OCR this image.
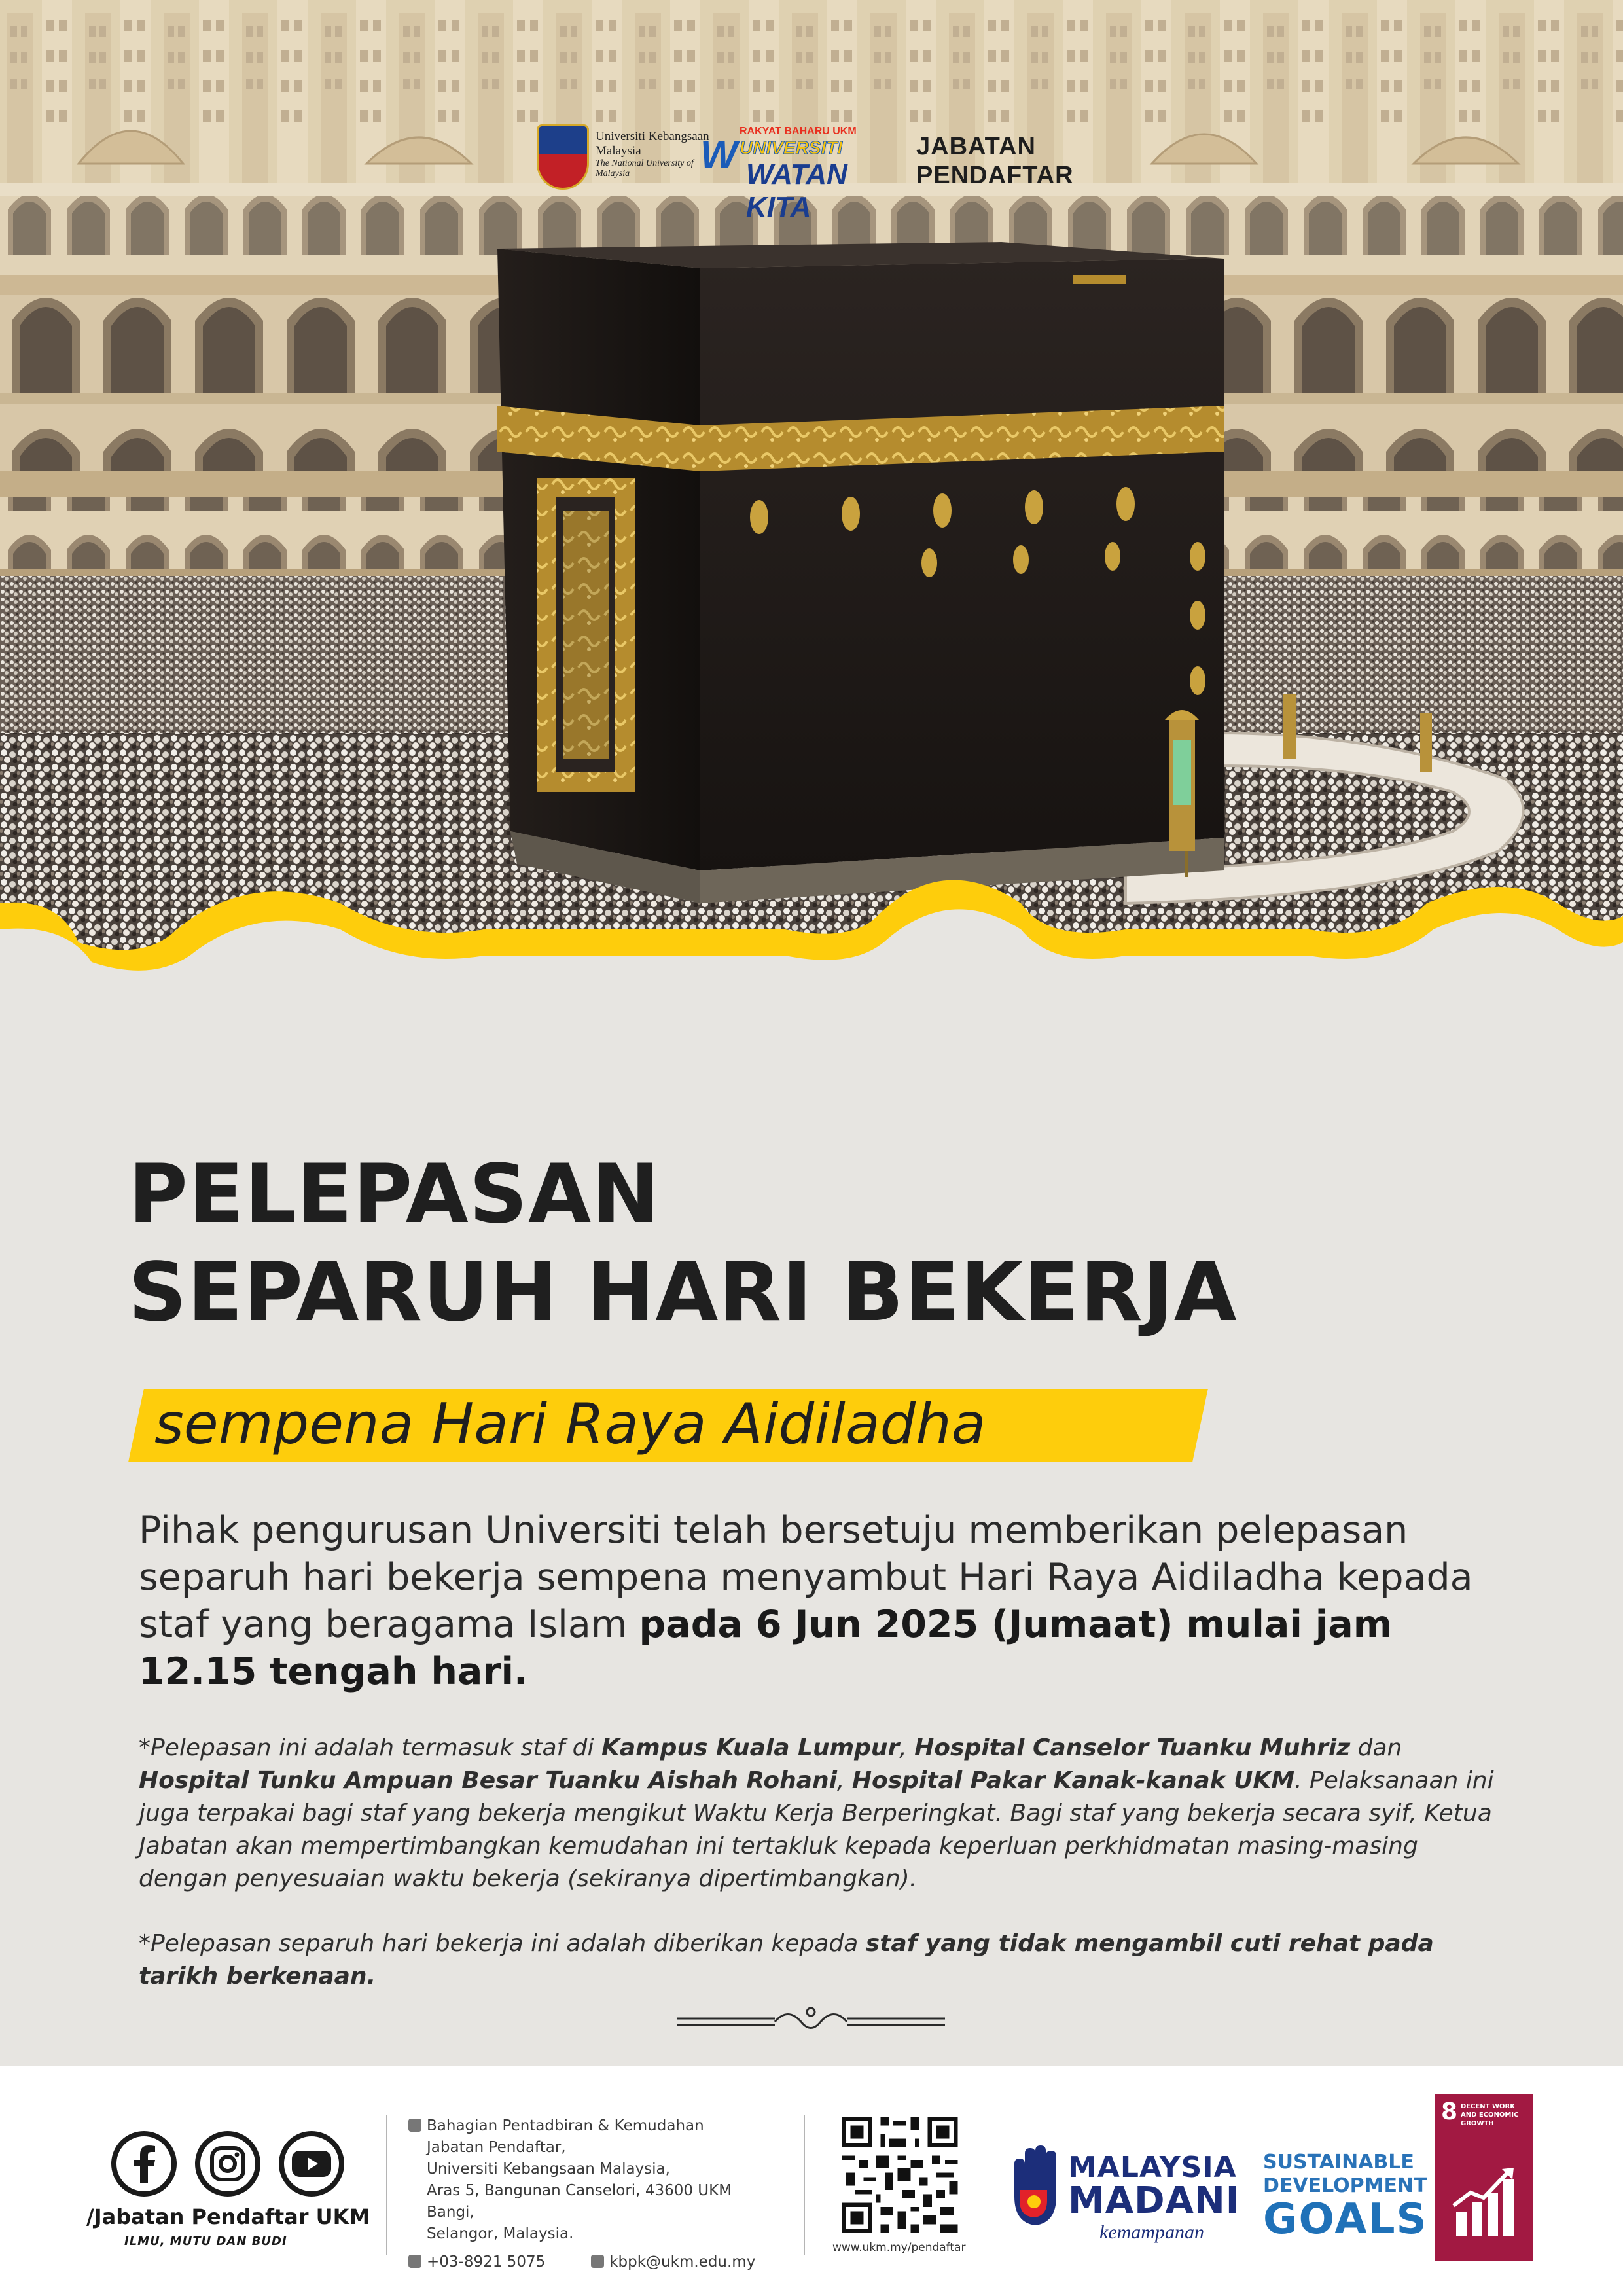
Universiti Kebangsaan Malaysia
The National University of Malaysia	W
RAKYAT BAHARU UKM
UNIVERSITI
WATAN KITA
JABATAN
PENDAFTAR
PELEPASAN
SEPARUH HARI BEKERJA
sempena Hari Raya Aidiladha
Pihak pengurusan Universiti telah bersetuju memberikan pelepasan separuh hari bekerja sempena menyambut Hari Raya Aidiladha kepada staf yang beragama Islam pada 6 Jun 2025 (Jumaat) mulai jam 12.15 tengah hari.
*Pelepasan ini adalah termasuk staf di Kampus Kuala Lumpur, Hospital Canselor Tuanku Muhriz dan Hospital Tunku Ampuan Besar Tuanku Aishah Rohani, Hospital Pakar Kanak-kanak UKM. Pelaksanaan ini juga terpakai bagi staf yang bekerja mengikut Waktu Kerja Berperingkat. Bagi staf yang bekerja secara syif, Ketua Jabatan akan mempertimbangkan kemudahan ini tertakluk kepada keperluan perkhidmatan masing-masing dengan penyesuaian waktu bekerja (sekiranya dipertimbangkan).
*Pelepasan separuh hari bekerja ini adalah diberikan kepada staf yang tidak mengambil cuti rehat pada tarikh berkenaan.
/Jabatan Pendaftar UKM
ILMU, MUTU DAN BUDI
Bahagian Pentadbiran & Kemudahan
Jabatan Pendaftar,
Universiti Kebangsaan Malaysia,
Aras 5, Bangunan Canselori, 43600 UKM Bangi,
Selangor, Malaysia.
+03-8921 5075	kbpk@ukm.edu.my
www.ukm.my/pendaftar
MALAYSIA
MADANI
kemampanan
SUSTAINABLE
DEVELOPMENT
GOALS
8 DECENT WORK AND ECONOMIC GROWTH
